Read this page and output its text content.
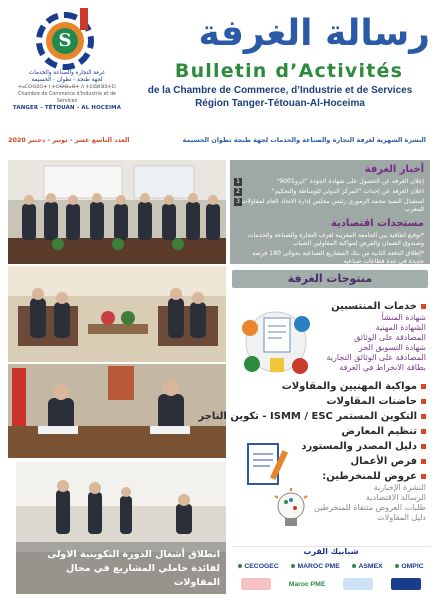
S
غرفة التجارة والصناعة والخدمات
لجهة طنجة - تطوان - الحسيمة
ⵜⴰⵎⵙⵙⵓⵔⵜ ⵏ ⵜⵙⴱⴱⴰⴱⵜ ⴷ ⵜⵉⵏⵓⵍⴼⵓⵜⵉⵏ
Chambre de Commerce d'Industrie et de Services
TANGER - TÉTOUAN - AL HOCEIMA
رسالة الغرفة
Bulletin d’Activités
de la Chambre de Commerce, d’Industrie et de Services
Région Tanger-Tétouan-Al-Hoceima
العدد التاسع عشر - نونبر - دجنبر 2020	النشرة الشهرية لغرفة التجارة والصناعة والخدمات لجهة طنجة تطوان الحسيمة
انطلاق أشغال الدورة التكوينية الاولى لفائدة حاملي المشاريع في مجال المقاولات
أخبار الغرفة
1	إعلان الغرفة عن الحصول على شهادة الجودة "ايزو9001"
2	اعلان الغرفة عن إحداث "المركز الدولي للوساطة والتحكيم"
3 استقبال السيد محمد الزموري رئيس مجلس إدارة الاتحاد العام لمقاولات المغرب
مستجدات اقتصادية
*توقيع اتفاقية بين الجامعة المغربية لغرف التجارة والصناعة والخدمات وصندوق الضمان والقرض لمواكبة المقاولين الشباب
*إطلاق الدفعة الثانية من بنك المشاريع الصناعية بحوالي 180 فرصة جديدة في عدة قطاعات صناعية
منتوجات الغرفة
خدمات المنتسبين
شهادة المنشأ
الشهادة المهنية
المصادقة على الوثائق
شهادة التسويق الحر
المصادقة على الوثائق التجارية
بطاقة الانخراط في الغرفة
مواكبة المهنيين والمقاولات
حاضنات المقاولات
التكوين المستمر ISMM / ESC - تكوين التاجر
تنظيم المعارض
دليل المصدر والمستورد
فرص الأعمال
عروض للمنخرطين:
النشرة الإخبارية
الرسالة الاقتصادية
طلبات العروض منتقاة للمنخرطين
دليل المقاولات
شبابيك القرب
CECOGEC	MAROC PME	ASMEX	OMPIC
Maroc PME
